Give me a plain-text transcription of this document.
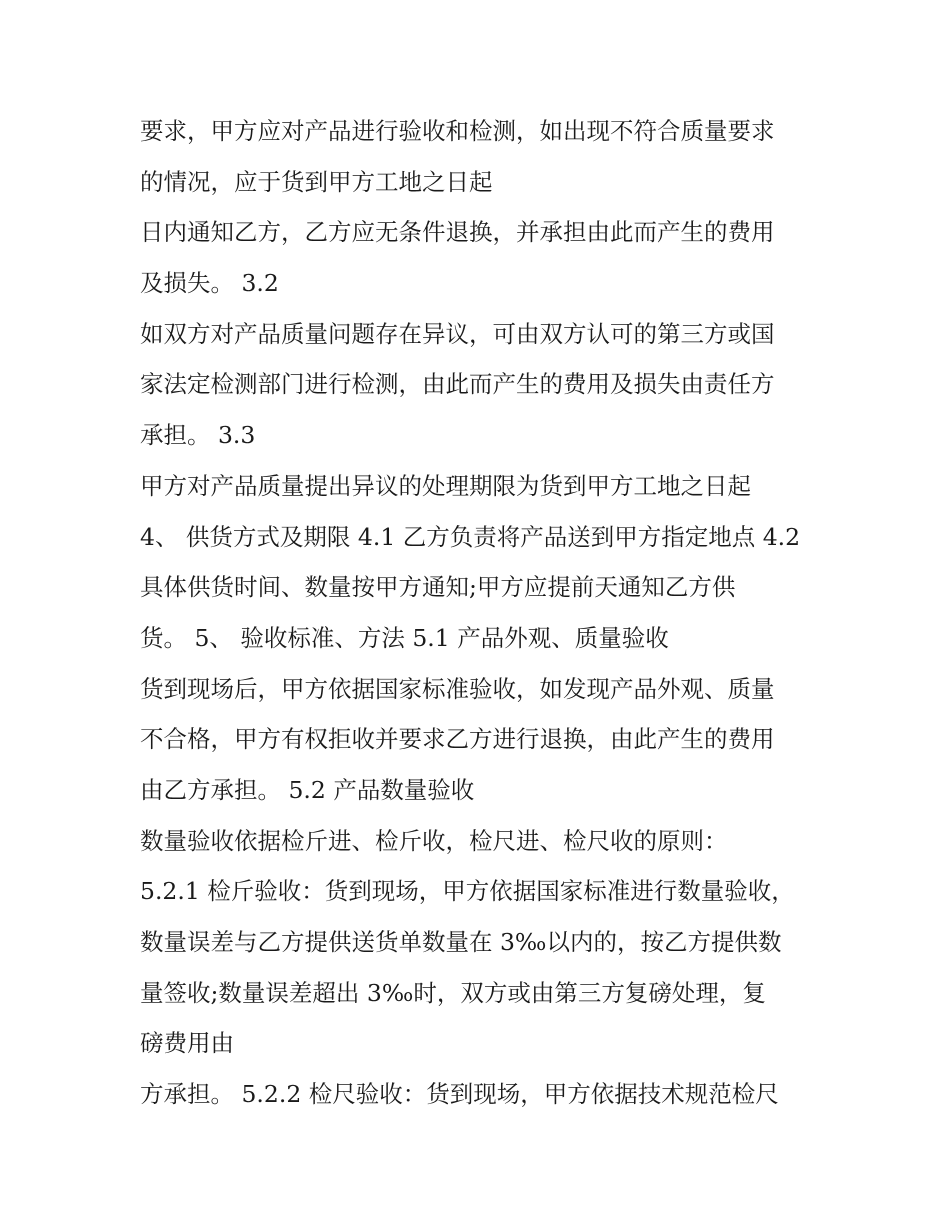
要求，甲方应对产品进行验收和检测，如出现不符合质量要求
的情况，应于货到甲方工地之日起
日内通知乙方，乙方应无条件退换，并承担由此而产生的费用
及损失。 3.2
如双方对产品质量问题存在异议，可由双方认可的第三方或国
家法定检测部门进行检测，由此而产生的费用及损失由责任方
承担。 3.3
甲方对产品质量提出异议的处理期限为货到甲方工地之日起
4、 供货方式及期限 4.1 乙方负责将产品送到甲方指定地点 4.2
具体供货时间、数量按甲方通知;甲方应提前天通知乙方供
货。 5、 验收标准、方法 5.1 产品外观、质量验收
货到现场后，甲方依据国家标准验收，如发现产品外观、质量
不合格，甲方有权拒收并要求乙方进行退换，由此产生的费用
由乙方承担。 5.2 产品数量验收
数量验收依据检斤进、检斤收，检尺进、检尺收的原则：
5.2.1 检斤验收：货到现场，甲方依据国家标准进行数量验收，
数量误差与乙方提供送货单数量在 3‰以内的，按乙方提供数
量签收;数量误差超出 3‰时，双方或由第三方复磅处理，复
磅费用由
方承担。 5.2.2 检尺验收：货到现场，甲方依据技术规范检尺
